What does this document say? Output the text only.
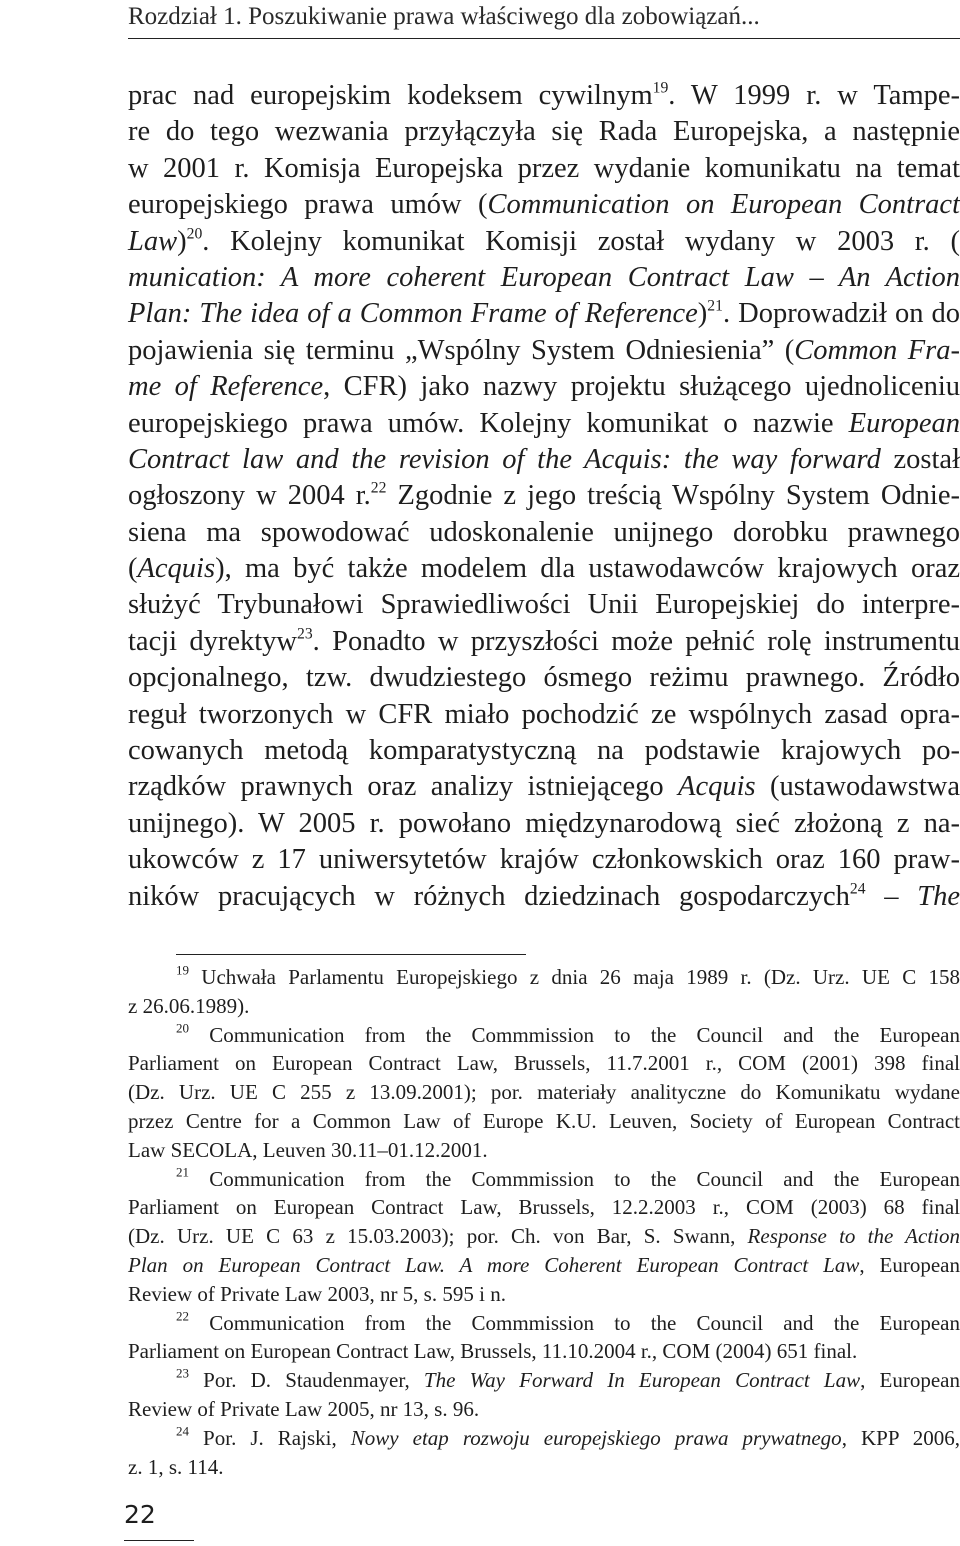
Rozdział 1. Poszukiwanie prawa właściwego dla zobowiązań...
prac nad europejskim kodeksem cywilnym$^{19}$. W 1999 r. w Tampe-
re do tego wezwania przyłączyła się Rada Europejska, a następnie
w 2001 r. Komisja Europejska przez wydanie komunikatu na temat
europejskiego prawa umów (Communication on European Contract
Law)$^{20}$. Kolejny komunikat Komisji został wydany w 2003 r. (
munication: A more coherent European Contract Law – An Action
Plan: The idea of a Common Frame of Reference)$^{21}$. Doprowadził on do
pojawienia się terminu „Wspólny System Odniesienia” (Common Fra-
me of Reference, CFR) jako nazwy projektu służącego ujednoliceniu
europejskiego prawa umów. Kolejny komunikat o nazwie European
Contract law and the revision of the Acquis: the way forward został
ogłoszony w 2004 r.$^{22}$ Zgodnie z jego treścią Wspólny System Odnie-
siena ma spowodować udoskonalenie unijnego dorobku prawnego
(Acquis), ma być także modelem dla ustawodawców krajowych oraz
służyć Trybunałowi Sprawiedliwości Unii Europejskiej do interpre-
tacji dyrektyw$^{23}$. Ponadto w przyszłości może pełnić rolę instrumentu
opcjonalnego, tzw. dwudziestego ósmego reżimu prawnego. Źródło
reguł tworzonych w CFR miało pochodzić ze wspólnych zasad opra-
cowanych metodą komparatystyczną na podstawie krajowych po-
rządków prawnych oraz analizy istniejącego Acquis (ustawodawstwa
unijnego). W 2005 r. powołano międzynarodową sieć złożoną z na-
ukowców z 17 uniwersytetów krajów członkowskich oraz 160 praw-
ników pracujących w różnych dziedzinach gospodarczych$^{24}$ – The
$^{19}$ Uchwała Parlamentu Europejskiego z dnia 26 maja 1989 r. (Dz. Urz. UE C 158
z 26.06.1989).
$^{20}$ Communication from the Commmission to the Council and the European
Parliament on European Contract Law, Brussels, 11.7.2001 r., COM (2001) 398 final
(Dz. Urz. UE C 255 z 13.09.2001); por. materiały analityczne do Komunikatu wydane
przez Centre for a Common Law of Europe K.U. Leuven, Society of European Contract
Law SECOLA, Leuven 30.11–01.12.2001.
$^{21}$ Communication from the Commmission to the Council and the European
Parliament on European Contract Law, Brussels, 12.2.2003 r., COM (2003) 68 final
(Dz. Urz. UE C 63 z 15.03.2003); por. Ch. von Bar, S. Swann, Response to the Action
Plan on European Contract Law. A more Coherent European Contract Law, European
Review of Private Law 2003, nr 5, s. 595 i n.
$^{22}$ Communication from the Commmission to the Council and the European
Parliament on European Contract Law, Brussels, 11.10.2004 r., COM (2004) 651 final.
$^{23}$ Por. D. Staudenmayer, The Way Forward In European Contract Law, European
Review of Private Law 2005, nr 13, s. 96.
$^{24}$ Por. J. Rajski, Nowy etap rozwoju europejskiego prawa prywatnego, KPP 2006,
z. 1, s. 114.
22
